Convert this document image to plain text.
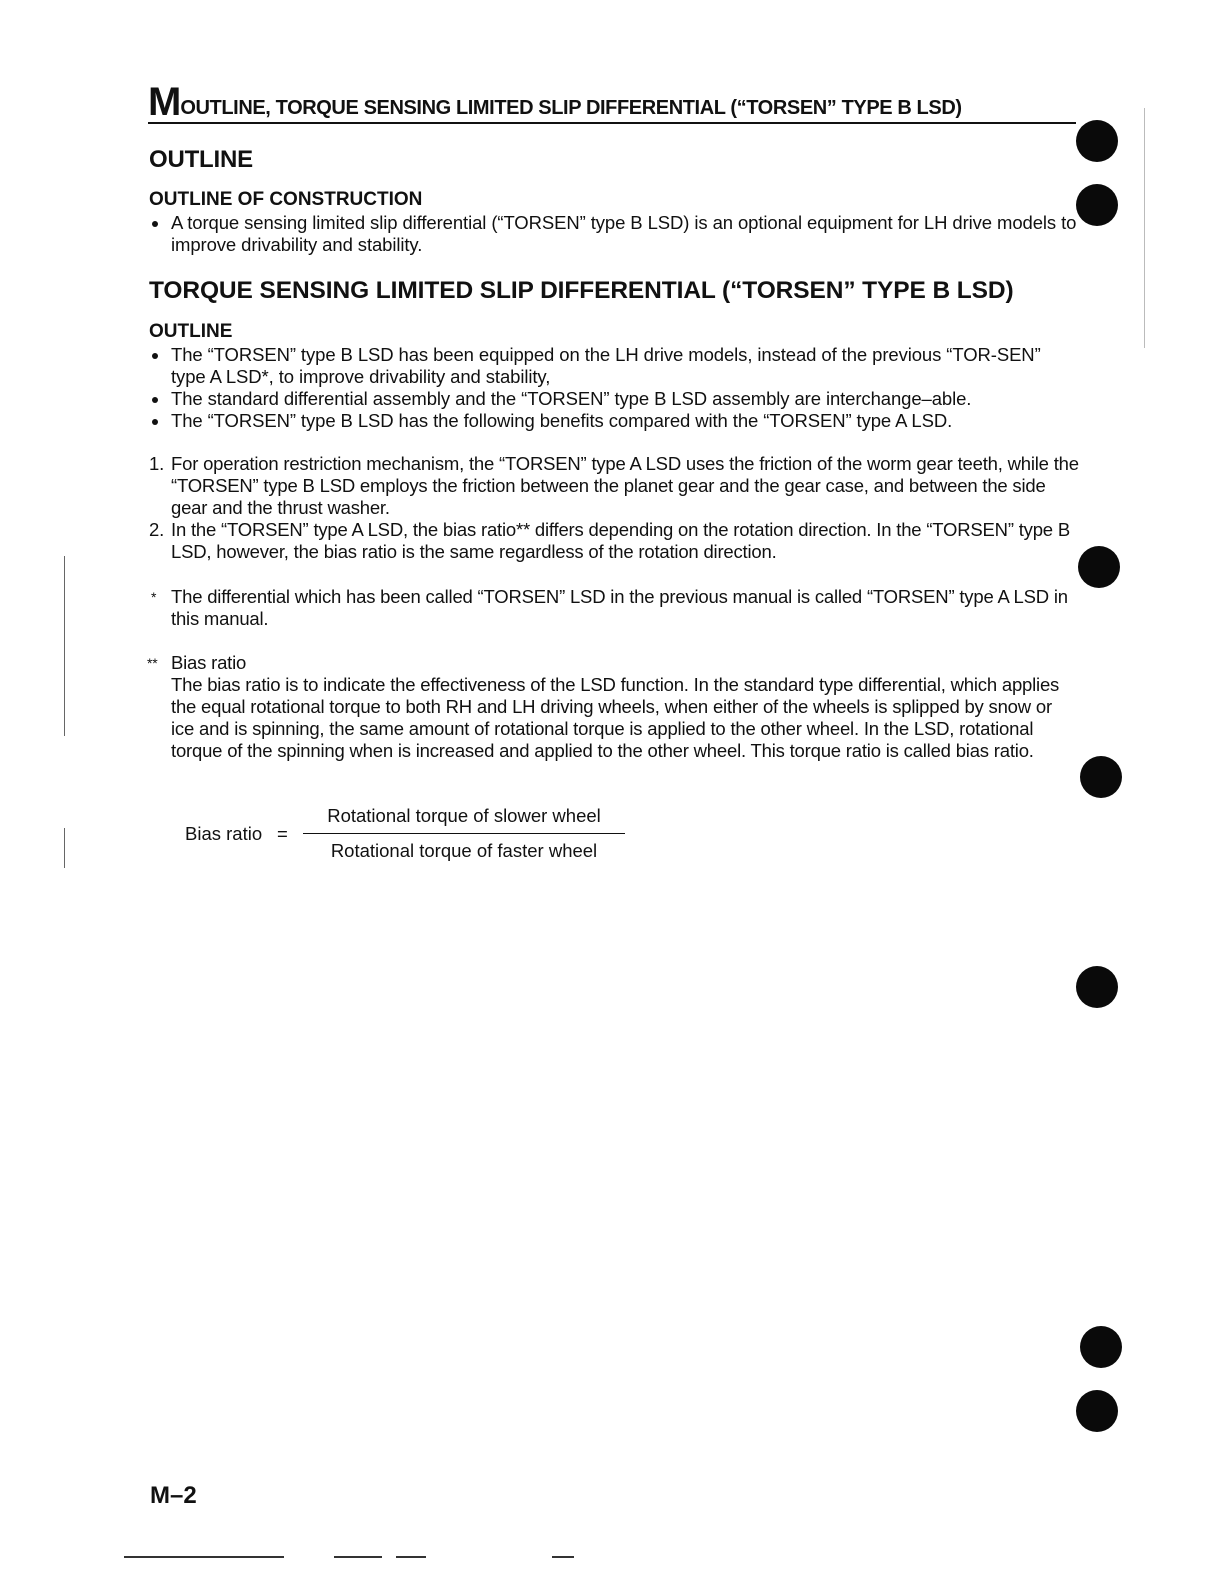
MOUTLINE, TORQUE SENSING LIMITED SLIP DIFFERENTIAL (“TORSEN” TYPE B LSD)
OUTLINE
OUTLINE OF CONSTRUCTION
A torque sensing limited slip differential (“TORSEN” type B LSD) is an optional equipment for LH drive models to improve drivability and stability.
TORQUE SENSING LIMITED SLIP DIFFERENTIAL (“TORSEN” TYPE B LSD)
OUTLINE
The “TORSEN” type B LSD has been equipped on the LH drive models, instead of the previous “TOR-SEN” type A LSD*, to improve drivability and stability,
The standard differential assembly and the “TORSEN” type B LSD assembly are interchange–able.
The “TORSEN” type B LSD has the following benefits compared with the “TORSEN” type A LSD.
1. For operation restriction mechanism, the “TORSEN” type A LSD uses the friction of the worm gear teeth, while the “TORSEN” type B LSD employs the friction between the planet gear and the gear case, and between the side gear and the thrust washer.
2. In the “TORSEN” type A LSD, the bias ratio** differs depending on the rotation direction. In the “TORSEN” type B LSD, however, the bias ratio is the same regardless of the rotation direction.
* The differential which has been called “TORSEN” LSD in the previous manual is called “TORSEN” type A LSD in this manual.

** Bias ratio

The bias ratio is to indicate the effectiveness of the LSD function. In the standard type differential, which applies the equal rotational torque to both RH and LH driving wheels, when either of the wheels is splipped by snow or ice and is spinning, the same amount of rotational torque is applied to the other wheel. In the LSD, rotational torque of the spinning when is increased and applied to the other wheel. This torque ratio is called bias ratio.

Bias ratio =
Rotational torque of slower wheel
Rotational torque of faster wheel
M–2
